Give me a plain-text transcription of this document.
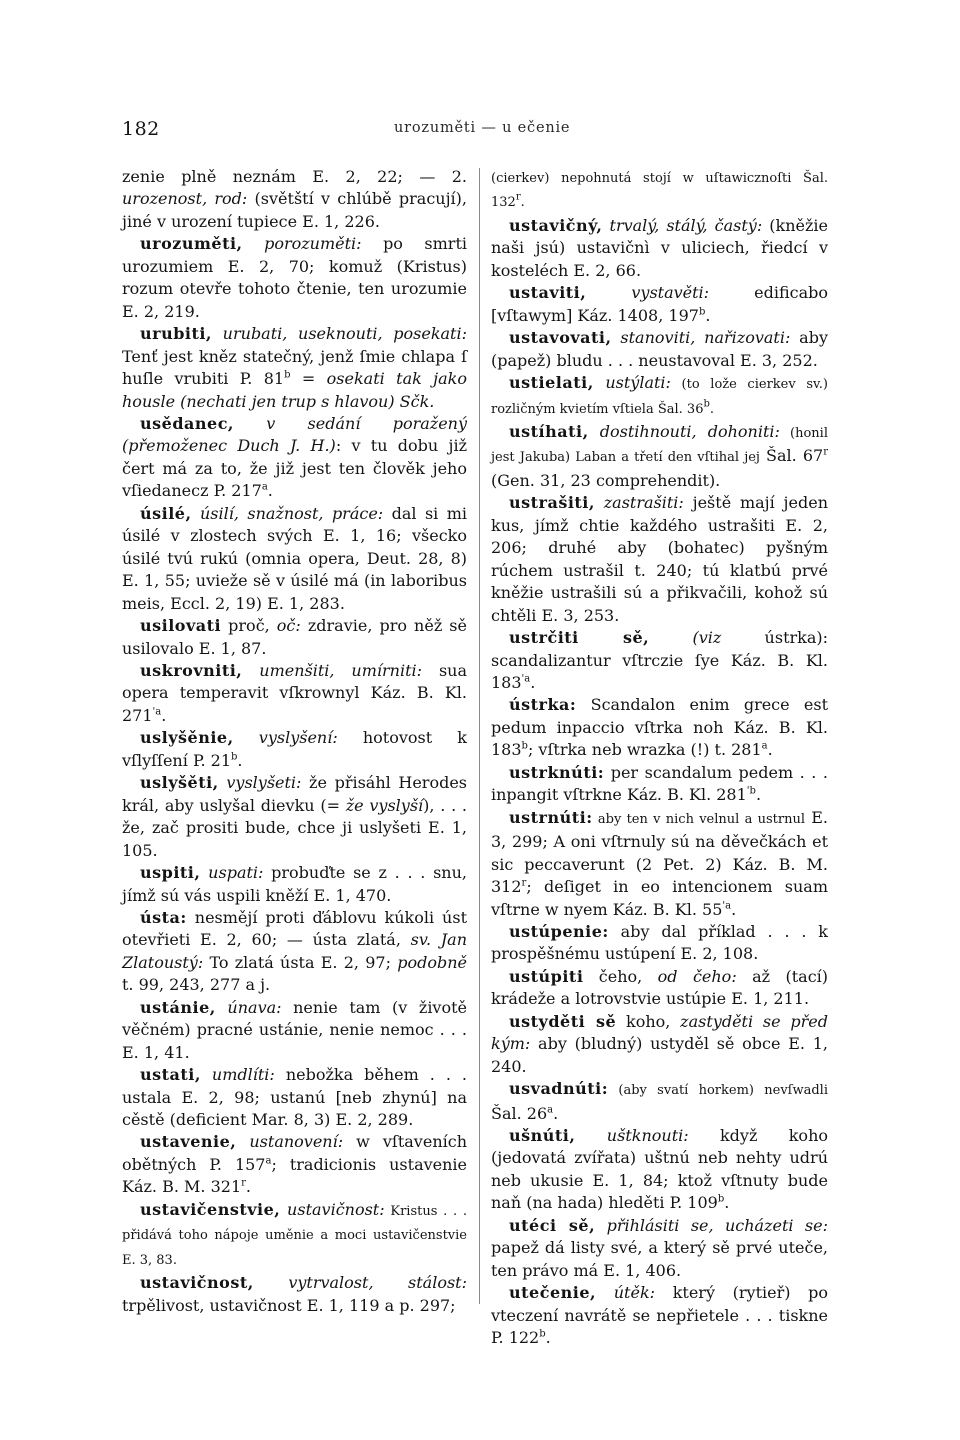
182	urozuměti — u ečenie

zenie plně neznám E. 2, 22; — 2. urozenost, rod: (světští v chlúbě pracují), jiné v urození tupiece E. 1, 226.

urozuměti, porozuměti: po smrti urozumiem E. 2, 70; komuž (Kristus) rozum otevře tohoto čtenie, ten urozumie E. 2, 219.

urubiti, urubati, useknouti, posekati: Tenť jest kněz statečný, jenž ſmie chlapa ſ huſle vrubiti P. $81^b$ = osekati tak jako housle (nechati jen trup s hlavou) Sčk.

usědanec, v sedání poražený (přemoženec Duch J. H.): v tu dobu již čert má za to, že již jest ten člověk jeho vſiedanecz P. 217$^a$.

úsilé, úsilí, snažnost, práce: dal si mi úsilé v zlostech svých E. 1, 16; všecko úsilé tvú rukú (omnia opera, Deut. 28, 8) E. 1, 55; uvieže sě v úsilé má (in laboribus meis, Eccl. 2, 19) E. 1, 283.

usilovati proč, oč: zdravie, pro něž sě usilovalo E. 1, 87.

uskrovniti, umenšiti, umírniti: sua opera temperavit vſkrownyl Káz. B. Kl. $271^{'a}$.

uslyšěnie, vyslyšení: hotovost k vſlyſſení P. 21$^b$.

uslyšěti, vyslyšeti: že přisáhl Herodes král, aby uslyšal dievku (= že vyslyší), . . . že, zač prositi bude, chce ji uslyšeti E. 1, 105.

uspiti, uspati: probuďte se z . . . snu, jímž sú vás uspili kněží E. 1, 470.

ústa: nesmějí proti ďáblovu kúkoli úst otevřieti E. 2, 60; — ústa zlatá, sv. Jan Zlatoustý: To zlatá ústa E. 2, 97; podobně t. 99, 243, 277 a j.

ustánie, únava: nenie tam (v životě věčném) pracné ustánie, nenie nemoc . . . E. 1, 41.

ustati, umdlíti: nebožka během . . . ustala E. 2, 98; ustanú [neb zhynú] na cěstě (deficient Mar. 8, 3) E. 2, 289.

ustavenie, ustanovení: w vſtaveních obětných P. 157$^a$; tradicionis ustavenie Káz. B. M. 321$^r$.

ustavičenstvie, ustavičnost: Kristus . . . přidává toho nápoje uměnie a moci ustavičenstvie E. 3, 83.

ustavičnost, vytrvalost, stálost: trpělivost, ustavičnost E. 1, 119 a p. 297;

(cierkev) nepohnutá stojí w uſtawicznoſti Šal. 132$^r$.

ustavičný, trvalý, stálý, častý: (kněžie naši jsú) ustavičnì v uliciech, řiedcí v kosteléch E. 2, 66.

ustaviti, vystavěti: edificabo [vſtawym] Káz. 1408, 197$^b$.

ustavovati, stanoviti, nařizovati: aby (papež) bludu . . . neustavoval E. 3, 252.

ustielati, ustýlati: (to lože cierkev sv.) rozličným kvietím vſtiela Šal. 36$^b$.

ustíhati, dostihnouti, dohoniti: (honil jest Jakuba) Laban a třetí den vſtihal jej Šal. 67$^r$ (Gen. 31, 23 comprehendit).

ustrašiti, zastrašiti: ještě mají jeden kus, jímž chtie každého ustrašiti E. 2, 206; druhé aby (bohatec) pyšným rúchem ustrašil t. 240; tú klatbú prvé kněžie ustrašili sú a přikvačili, kohož sú chtěli E. 3, 253.

ustrčiti sě, (viz ústrka): scandalizantur vſtrczie ſye Káz. B. Kl. $183^{'a}$.

ústrka: Scandalon enim grece est pedum inpaccio vſtrka noh Káz. B. Kl. 183$^b$; vſtrka neb wrazka (!) t. 281$^a$.

ustrknúti: per scandalum pedem . . . inpangit vſtrkne Káz. B. Kl. $281^{'b}$.

ustrnúti: aby ten v nich velnul a ustrnul E. 3, 299; A oni vſtrnuly sú na děvečkách et sic peccaverunt (2 Pet. 2) Káz. B. M. 312$^r$; deſiget in eo intencionem suam vſtrne w nyem Káz. B. Kl. $55^{'a}$.

ustúpenie: aby dal příklad . . . k prospěšnému ustúpení E. 2, 108.

ustúpiti čeho, od čeho: až (tací) krádeže a lotrovstvie ustúpie E. 1, 211.

ustyděti sě koho, zastyděti se před kým: aby (bludný) ustyděl sě obce E. 1, 240.

usvadnúti: (aby svatí horkem) nevſwadli Šal. 26$^a$.

ušnúti, uštknouti: když koho (jedovatá zvířata) uštnú neb nehty udrú neb ukusie E. 1, 84; ktož vſtnuty bude naň (na hada) hleděti P. 109$^b$.

utéci sě, přihlásiti se, ucházeti se: papež dá listy své, a který sě prvé uteče, ten právo má E. 1, 406.

utečenie, útěk: který (rytieř) po vteczení navrátě se nepřietele . . . tiskne P. 122$^b$.
